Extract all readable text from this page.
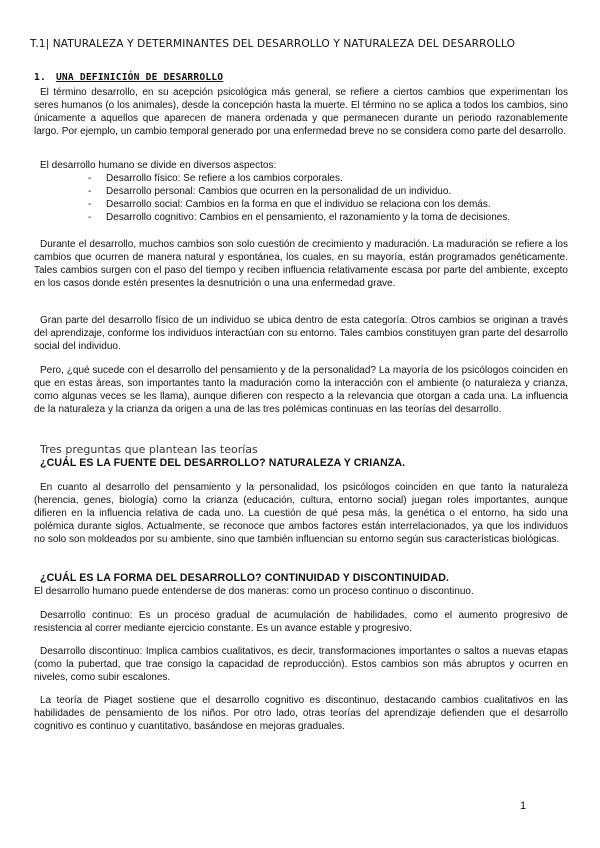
T.1| NATURALEZA Y DETERMINANTES DEL DESARROLLO Y NATURALEZA DEL DESARROLLO
1. UNA DEFINICIÓN DE DESARROLLO

El término desarrollo, en su acepción psicológica más general, se refiere a ciertos cambios que experimentan los seres humanos (o los animales), desde la concepción hasta la muerte. El término no se aplica a todos los cambios, sino únicamente a aquellos que aparecen de manera ordenada y que permanecen durante un periodo razonablemente largo. Por ejemplo, un cambio temporal generado por una enfermedad breve no se considera como parte del desarrollo.

El desarrollo humano se divide en diversos aspectos:

- Desarrollo físico: Se refiere a los cambios corporales.
- Desarrollo personal: Cambios que ocurren en la personalidad de un individuo.
- Desarrollo social: Cambios en la forma en que el individuo se relaciona con los demás.
- Desarrollo cognitivo: Cambios en el pensamiento, el razonamiento y la toma de decisiones.

Durante el desarrollo, muchos cambios son solo cuestión de crecimiento y maduración. La maduración se refiere a los cambios que ocurren de manera natural y espontánea, los cuales, en su mayoría, están programados genéticamente. Tales cambios surgen con el paso del tiempo y reciben influencia relativamente escasa por parte del ambiente, excepto en los casos donde estén presentes la desnutrición o una una enfermedad grave.

Gran parte del desarrollo físico de un individuo se ubica dentro de esta categoría. Otros cambios se originan a través del aprendizaje, conforme los individuos interactúan con su entorno. Tales cambios constituyen gran parte del desarrollo social del individuo.

Pero, ¿qué sucede con el desarrollo del pensamiento y de la personalidad? La mayoría de los psicólogos coinciden en que en estas áreas, son importantes tanto la maduración como la interacción con el ambiente (o naturaleza y crianza, como algunas veces se les llama), aunque difieren con respecto a la relevancia que otorgan a cada una. La influencia de la naturaleza y la crianza da origen a una de las tres polémicas continuas en las teorías del desarrollo.

Tres preguntas que plantean las teorías
¿CUÁL ES LA FUENTE DEL DESARROLLO? NATURALEZA Y CRIANZA.

En cuanto al desarrollo del pensamiento y la personalidad, los psicólogos coinciden en que tanto la naturaleza (herencia, genes, biología) como la crianza (educación, cultura, entorno social) juegan roles importantes, aunque difieren en la influencia relativa de cada uno. La cuestión de qué pesa más, la genética o el entorno, ha sido una polémica durante siglos. Actualmente, se reconoce que ambos factores están interrelacionados, ya que los individuos no solo son moldeados por su ambiente, sino que también influencian su entorno según sus características biológicas.

¿CUÁL ES LA FORMA DEL DESARROLLO? CONTINUIDAD Y DISCONTINUIDAD.

El desarrollo humano puede entenderse de dos maneras: como un proceso continuo o discontinuo.

Desarrollo continuo: Es un proceso gradual de acumulación de habilidades, como el aumento progresivo de resistencia al correr mediante ejercicio constante. Es un avance estable y progresivo.

Desarrollo discontinuo: Implica cambios cualitativos, es decir, transformaciones importantes o saltos a nuevas etapas (como la pubertad, que trae consigo la capacidad de reproducción). Estos cambios son más abruptos y ocurren en niveles, como subir escalones.

La teoría de Piaget sostiene que el desarrollo cognitivo es discontinuo, destacando cambios cualitativos en las habilidades de pensamiento de los niños. Por otro lado, otras teorías del aprendizaje defienden que el desarrollo cognitivo es continuo y cuantitativo, basándose en mejoras graduales.

1
